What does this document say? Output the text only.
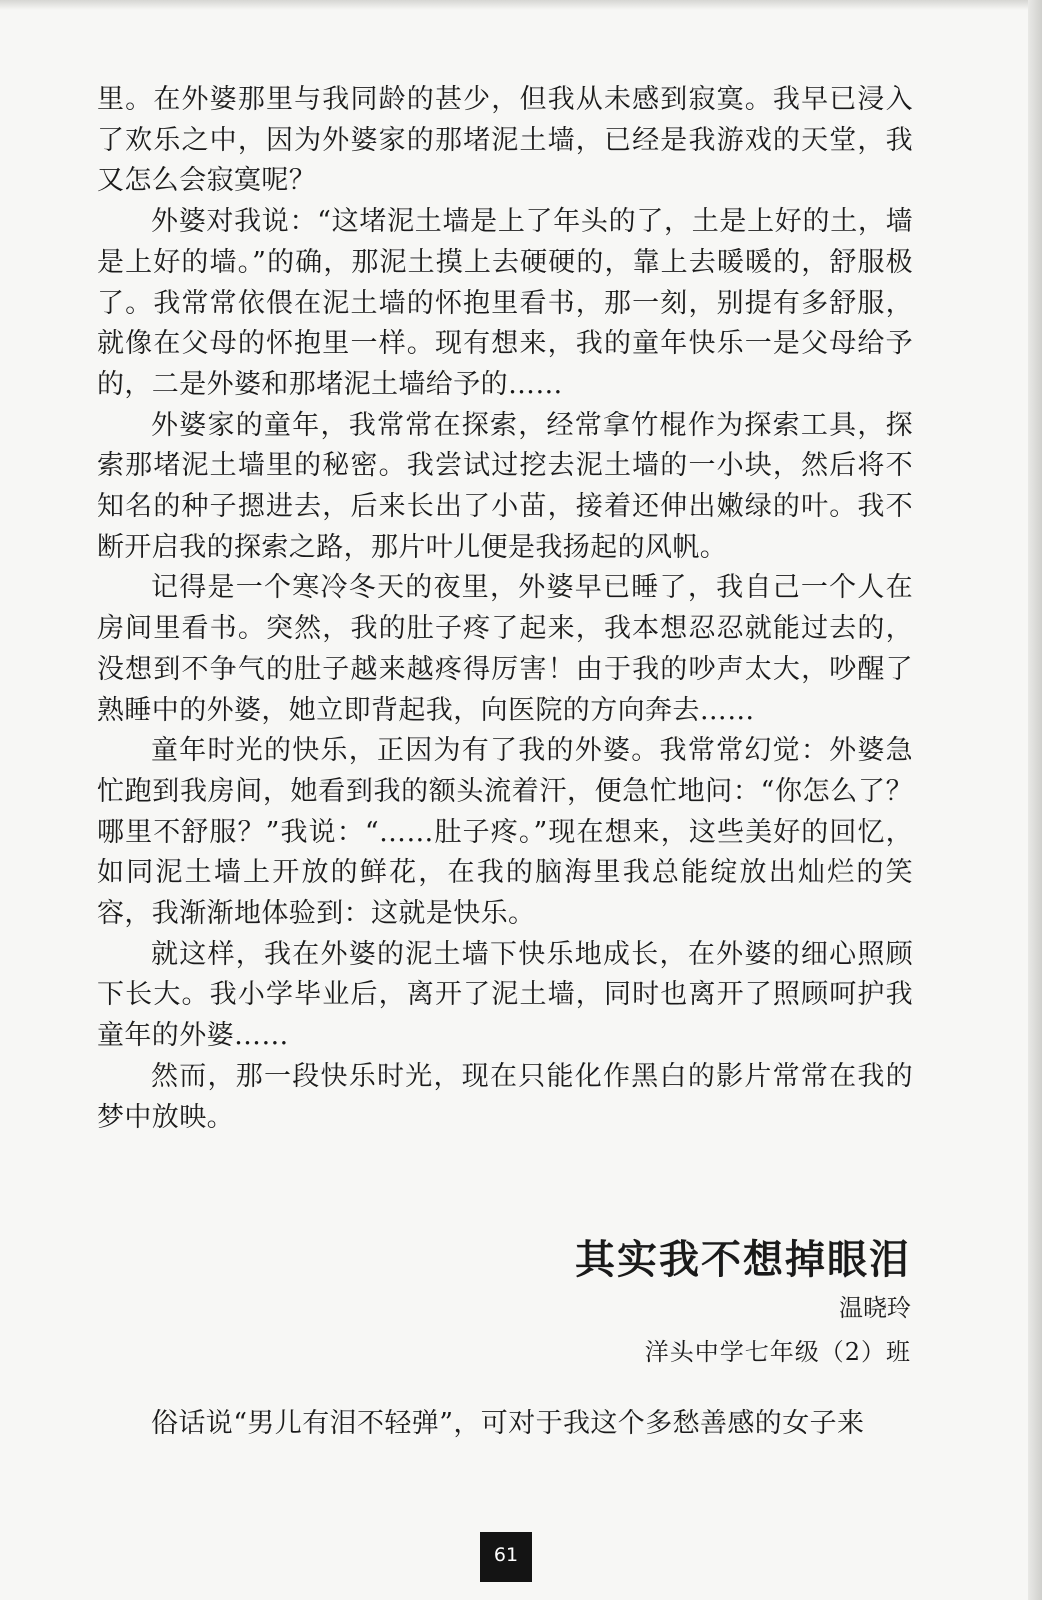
里。在外婆那里与我同龄的甚少，但我从未感到寂寞。我早已浸入了欢乐之中，因为外婆家的那堵泥土墙，已经是我游戏的天堂，我又怎么会寂寞呢？

外婆对我说：“这堵泥土墙是上了年头的了，土是上好的土，墙是上好的墙。”的确，那泥土摸上去硬硬的，靠上去暖暖的，舒服极了。我常常依偎在泥土墙的怀抱里看书，那一刻，别提有多舒服，就像在父母的怀抱里一样。现有想来，我的童年快乐一是父母给予的，二是外婆和那堵泥土墙给予的……

外婆家的童年，我常常在探索，经常拿竹棍作为探索工具，探索那堵泥土墙里的秘密。我尝试过挖去泥土墙的一小块，然后将不知名的种子摁进去，后来长出了小苗，接着还伸出嫩绿的叶。我不断开启我的探索之路，那片叶儿便是我扬起的风帆。

记得是一个寒冷冬天的夜里，外婆早已睡了，我自己一个人在房间里看书。突然，我的肚子疼了起来，我本想忍忍就能过去的，没想到不争气的肚子越来越疼得厉害！由于我的吵声太大，吵醒了熟睡中的外婆，她立即背起我，向医院的方向奔去……

童年时光的快乐，正因为有了我的外婆。我常常幻觉：外婆急忙跑到我房间，她看到我的额头流着汗，便急忙地问：“你怎么了？哪里不舒服？”我说：“……肚子疼。”现在想来，这些美好的回忆，如同泥土墙上开放的鲜花，在我的脑海里我总能绽放出灿烂的笑容，我渐渐地体验到：这就是快乐。

就这样，我在外婆的泥土墙下快乐地成长，在外婆的细心照顾下长大。我小学毕业后，离开了泥土墙，同时也离开了照顾呵护我童年的外婆……

然而，那一段快乐时光，现在只能化作黑白的影片常常在我的梦中放映。

其实我不想掉眼泪
温晓玲
洋头中学七年级（2）班

俗话说“男儿有泪不轻弹”，可对于我这个多愁善感的女子来

61
